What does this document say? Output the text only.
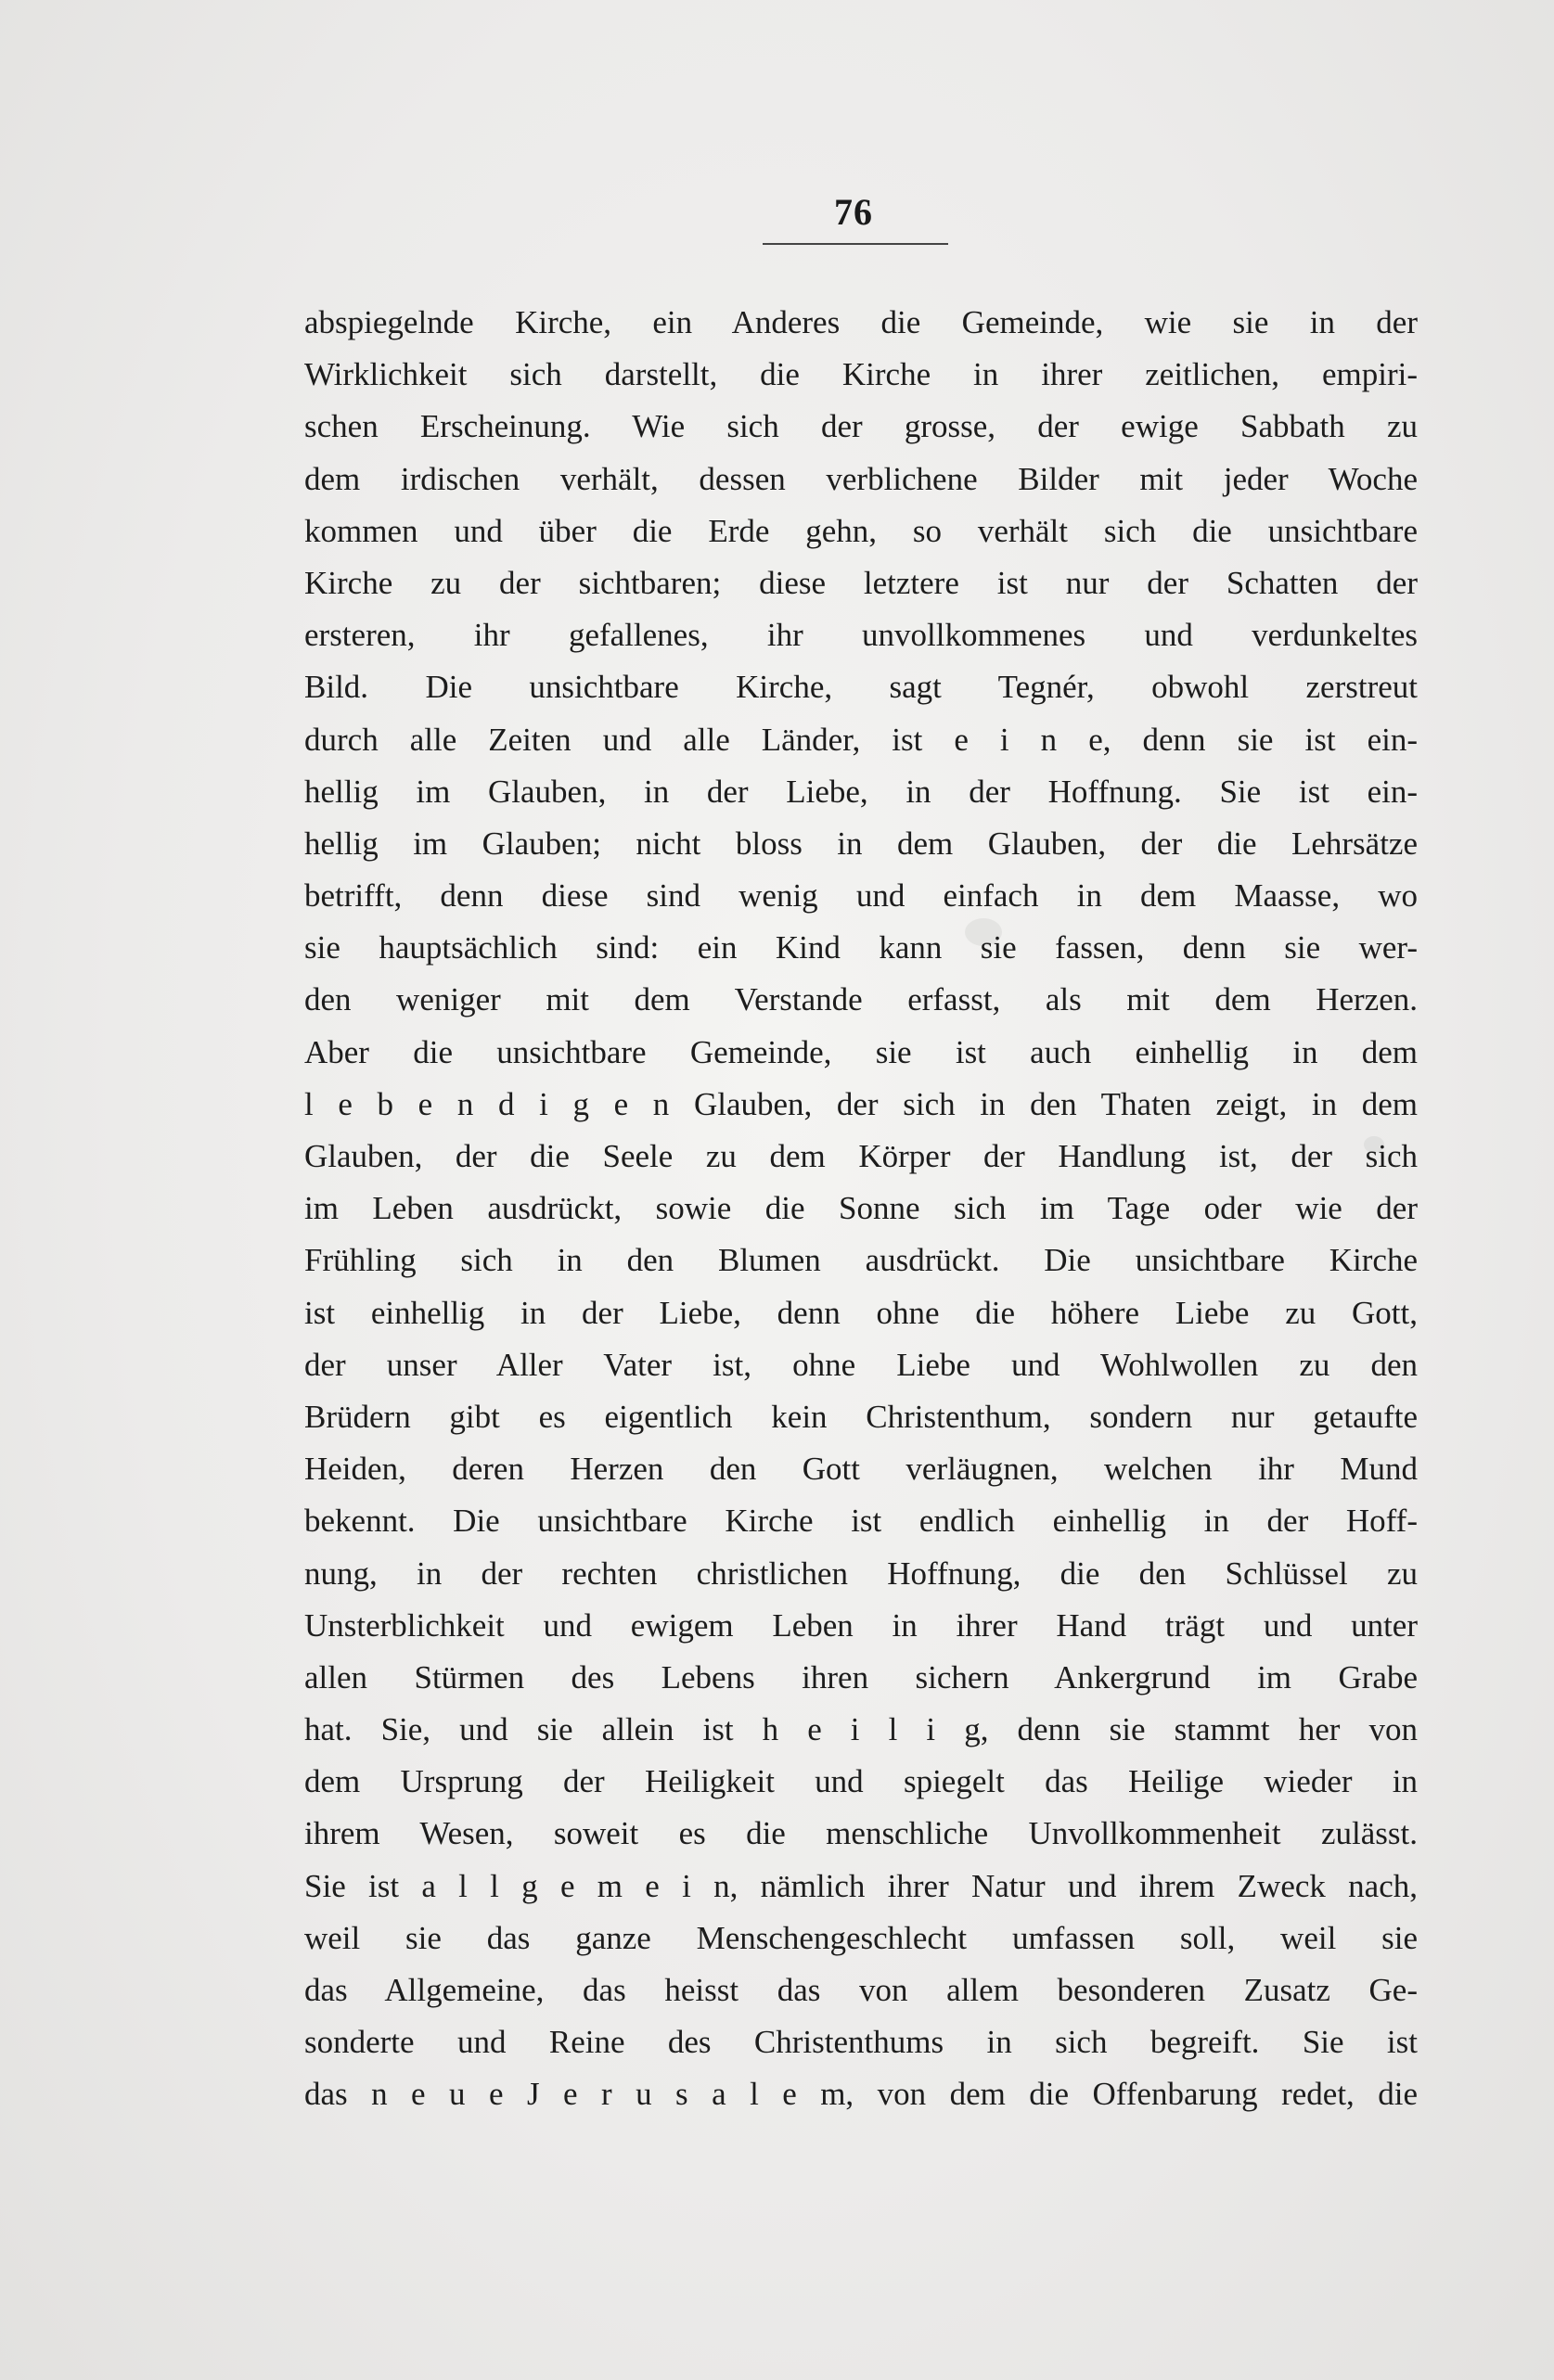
76
abspiegelnde Kirche, ein Anderes die Gemeinde, wie sie in der
Wirklichkeit sich darstellt, die Kirche in ihrer zeitlichen, empiri-
schen Erscheinung. Wie sich der grosse, der ewige Sabbath zu
dem irdischen verhält, dessen verblichene Bilder mit jeder Woche
kommen und über die Erde gehn, so verhält sich die unsichtbare
Kirche zu der sichtbaren; diese letztere ist nur der Schatten der
ersteren, ihr gefallenes, ihr unvollkommenes und verdunkeltes
Bild. Die unsichtbare Kirche, sagt Tegnér, obwohl zerstreut
durch alle Zeiten und alle Länder, ist e i n e, denn sie ist ein-
hellig im Glauben, in der Liebe, in der Hoffnung. Sie ist ein-
hellig im Glauben; nicht bloss in dem Glauben, der die Lehrsätze
betrifft, denn diese sind wenig und einfach in dem Maasse, wo
sie hauptsächlich sind: ein Kind kann sie fassen, denn sie wer-
den weniger mit dem Verstande erfasst, als mit dem Herzen.
Aber die unsichtbare Gemeinde, sie ist auch einhellig in dem
l e b e n d i g e n Glauben, der sich in den Thaten zeigt, in dem
Glauben, der die Seele zu dem Körper der Handlung ist, der sich
im Leben ausdrückt, sowie die Sonne sich im Tage oder wie der
Frühling sich in den Blumen ausdrückt. Die unsichtbare Kirche
ist einhellig in der Liebe, denn ohne die höhere Liebe zu Gott,
der unser Aller Vater ist, ohne Liebe und Wohlwollen zu den
Brüdern gibt es eigentlich kein Christenthum, sondern nur getaufte
Heiden, deren Herzen den Gott verläugnen, welchen ihr Mund
bekennt. Die unsichtbare Kirche ist endlich einhellig in der Hoff-
nung, in der rechten christlichen Hoffnung, die den Schlüssel zu
Unsterblichkeit und ewigem Leben in ihrer Hand trägt und unter
allen Stürmen des Lebens ihren sichern Ankergrund im Grabe
hat. Sie, und sie allein ist h e i l i g, denn sie stammt her von
dem Ursprung der Heiligkeit und spiegelt das Heilige wieder in
ihrem Wesen, soweit es die menschliche Unvollkommenheit zulässt.
Sie ist a l l g e m e i n, nämlich ihrer Natur und ihrem Zweck nach,
weil sie das ganze Menschengeschlecht umfassen soll, weil sie
das Allgemeine, das heisst das von allem besonderen Zusatz Ge-
sonderte und Reine des Christenthums in sich begreift. Sie ist
das n e u e J e r u s a l e m, von dem die Offenbarung redet, die
